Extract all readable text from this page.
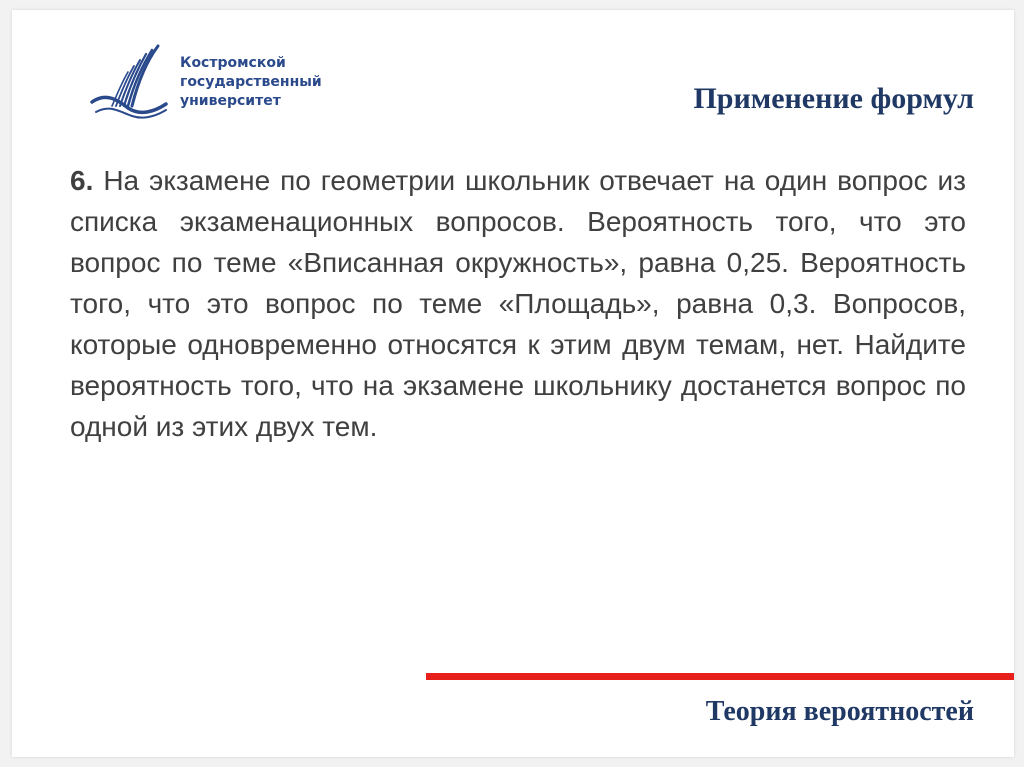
Костромской
государственный
университет	Применение формул
6. На экзамене по геометрии школьник отвечает на один вопрос из списка экзаменационных вопросов. Вероятность того, что это вопрос по теме «Вписанная окружность», равна 0,25. Вероятность того, что это вопрос по теме «Площадь», равна 0,3. Вопросов, которые одновременно относятся к этим двум темам, нет. Найдите вероятность того, что на экзамене школьнику достанется вопрос по одной из этих двух тем.
Теория вероятностей
